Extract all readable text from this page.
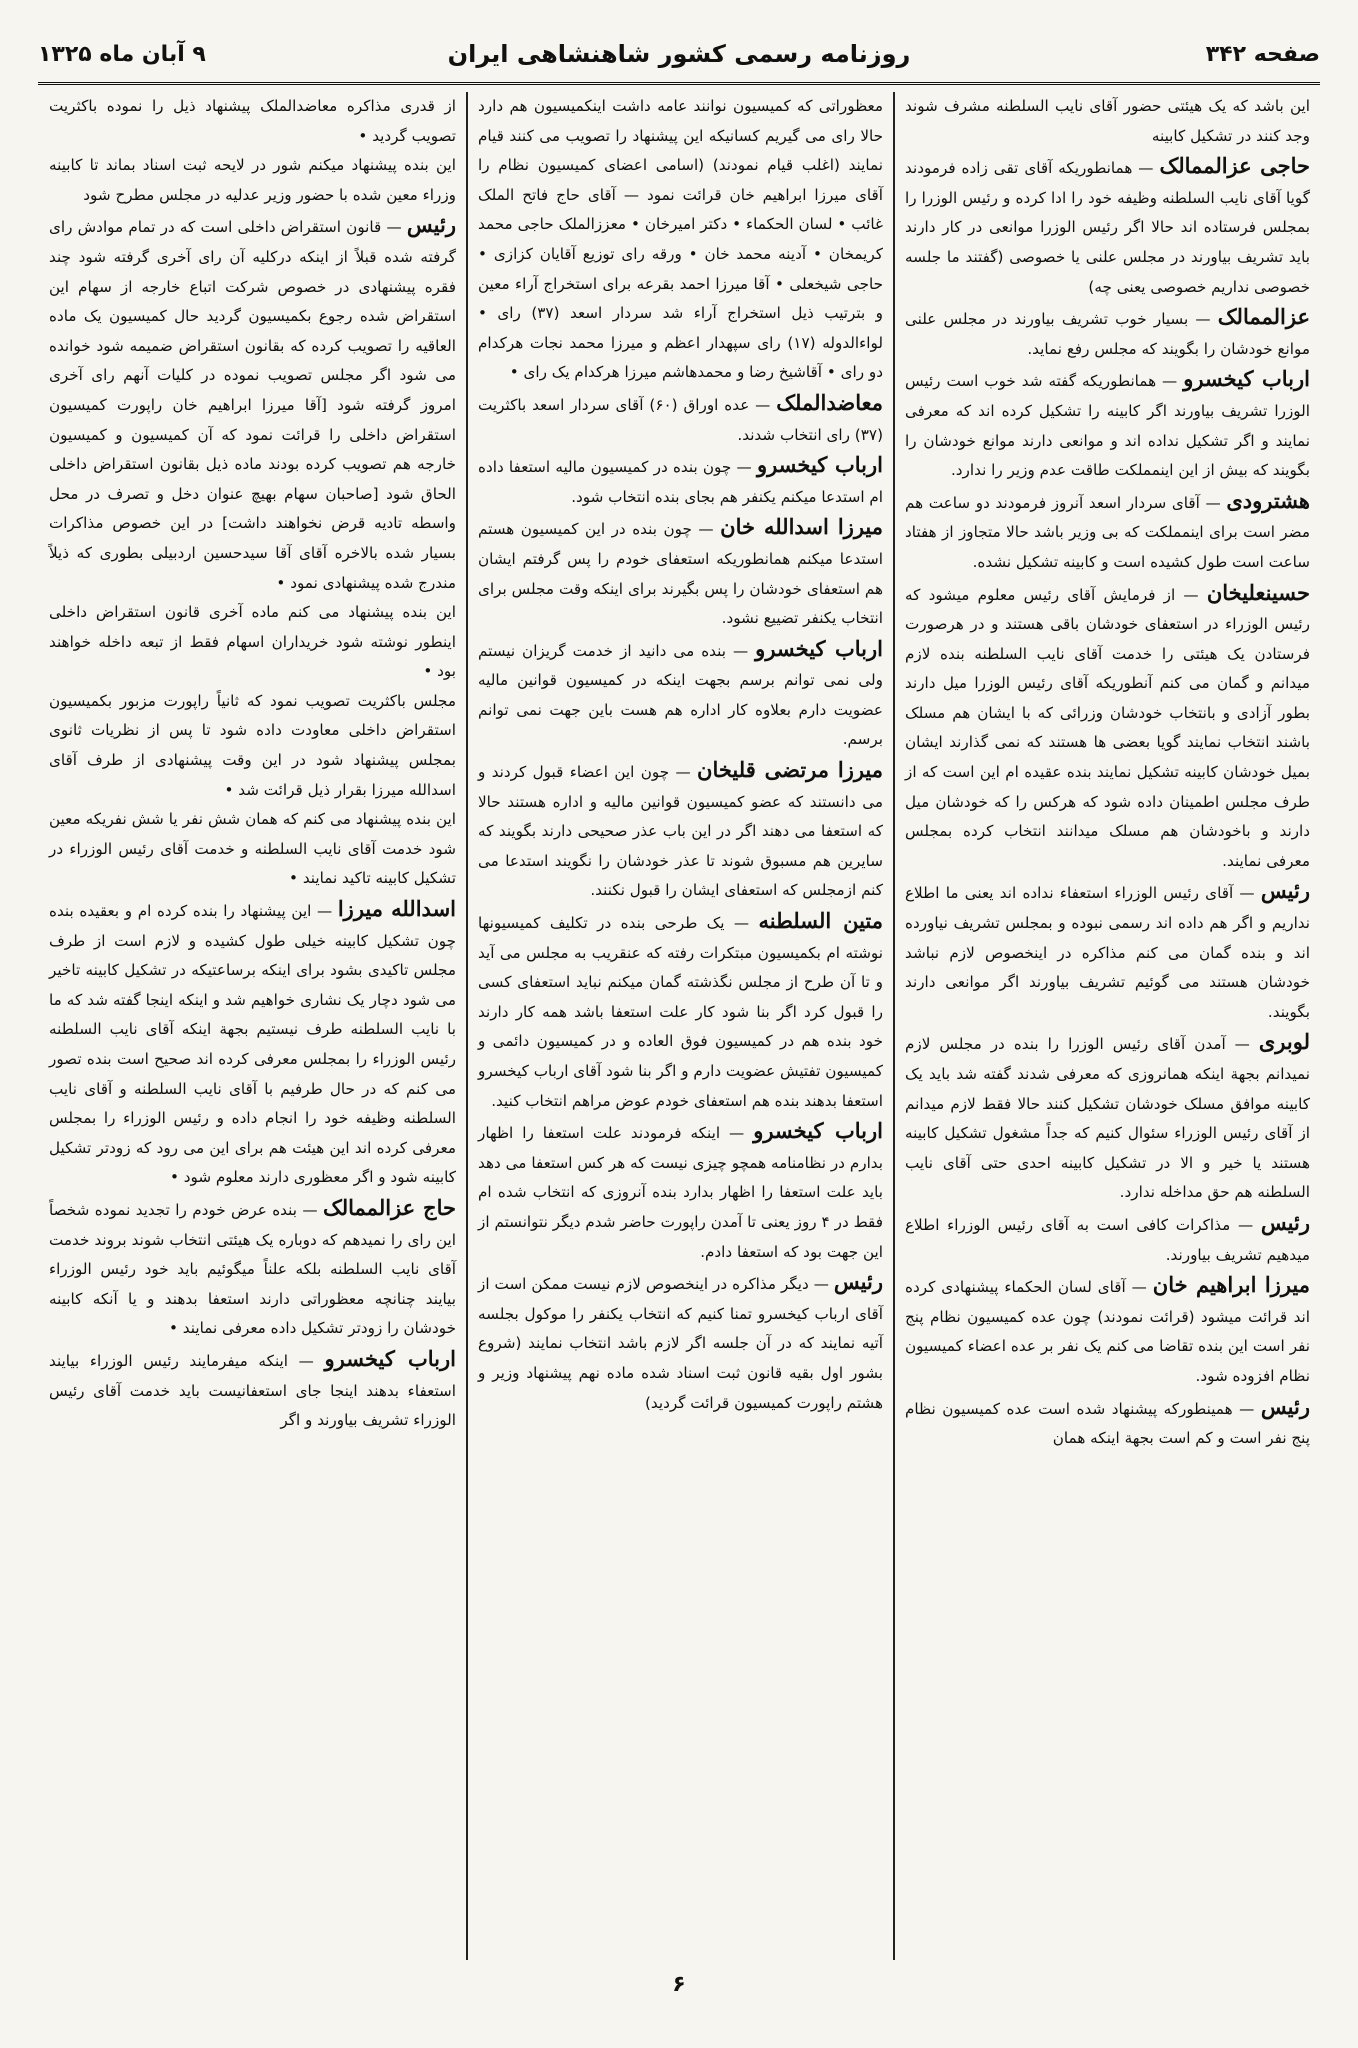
صفحه ۳۴۲
روزنامه رسمی کشور شاهنشاهی ایران
۹ آبان ماه ۱۳۲۵

این باشد که یک هیئتی حضور آقای نایب السلطنه مشرف شوند وجد کنند در تشکیل کابینه

حاجی عزالممالک — همانطوریکه آقای تقی زاده فرمودند گویا آقای نایب السلطنه وظیفه خود را ادا کرده و رئیس الوزرا را بمجلس فرستاده اند حالا اگر رئیس الوزرا موانعی در کار دارند باید تشریف بیاورند در مجلس علنی یا خصوصی (گفتند ما جلسه خصوصی نداریم خصوصی یعنی چه)

عزالممالک — بسیار خوب تشریف بیاورند در مجلس علنی موانع خودشان را بگویند که مجلس رفع نماید.

ارباب کیخسرو — همانطوریکه گفته شد خوب است رئیس الوزرا تشریف بیاورند اگر کابینه را تشکیل کرده اند که معرفی نمایند و اگر تشکیل نداده اند و موانعی دارند موانع خودشان را بگویند که بیش از این اینمملکت طاقت عدم وزیر را ندارد.

هشترودی — آقای سردار اسعد آنروز فرمودند دو ساعت هم مضر است برای اینمملکت که بی وزیر باشد حالا متجاوز از هفتاد ساعت است طول کشیده است و کابینه تشکیل نشده.

حسینعلیخان — از فرمایش آقای رئیس معلوم میشود که رئیس الوزراء در استعفای خودشان باقی هستند و در هرصورت فرستادن یک هیئتی را خدمت آقای نایب السلطنه بنده لازم میدانم و گمان می کنم آنطوریکه آقای رئیس الوزرا میل دارند بطور آزادی و بانتخاب خودشان وزرائی که با ایشان هم مسلک باشند انتخاب نمایند گویا بعضی ها هستند که نمی گذارند ایشان بمیل خودشان کابینه تشکیل نمایند بنده عقیده ام این است که از طرف مجلس اطمینان داده شود که هرکس را که خودشان میل دارند و باخودشان هم مسلک میدانند انتخاب کرده بمجلس معرفی نمایند.

رئیس — آقای رئیس الوزراء استعفاء نداده اند یعنی ما اطلاع نداریم و اگر هم داده اند رسمی نبوده و بمجلس تشریف نیاورده اند و بنده گمان می کنم مذاکره در اینخصوص لازم نباشد خودشان هستند می گوئیم تشریف بیاورند اگر موانعی دارند بگویند.

لوبری — آمدن آقای رئیس الوزرا را بنده در مجلس لازم نمیدانم بجهة اینکه همانروزی که معرفی شدند گفته شد باید یک کابینه موافق مسلک خودشان تشکیل کنند حالا فقط لازم میدانم از آقای رئیس الوزراء سئوال کنیم که جداً مشغول تشکیل کابینه هستند یا خیر و الا در تشکیل کابینه احدی حتی آقای نایب السلطنه هم حق مداخله ندارد.

رئیس — مذاکرات کافی است به آقای رئیس الوزراء اطلاع میدهیم تشریف بیاورند.

میرزا ابراهیم خان — آقای لسان الحکماء پیشنهادی کرده اند قرائت میشود (قرائت نمودند) چون عده کمیسیون نظام پنج نفر است این بنده تقاضا می کنم یک نفر بر عده اعضاء کمیسیون نظام افزوده شود.

رئیس — همینطورکه پیشنهاد شده است عده کمیسیون نظام پنج نفر است و کم است بجهة اینکه همان

معظوراتی که کمیسیون نوانند عامه داشت اینکمیسیون هم دارد حالا رای می گیریم کسانیکه این پیشنهاد را تصویب می کنند قیام نمایند (اغلب قیام نمودند) (اسامی اعضای کمیسیون نظام را آقای میرزا ابراهیم خان قرائت نمود — آقای حاج فاتح الملک غائب • لسان الحکماء • دکتر امیرخان • معززالملک حاجی محمد کریمخان • آدینه محمد خان • ورقه رای توزیع آقایان کزازی • حاجی شیخعلی • آقا میرزا احمد بقرعه برای استخراج آراء معین و بترتیب ذیل استخراج آراء شد سردار اسعد (۳۷) رای • لواءالدوله (۱۷) رای سپهدار اعظم و میرزا محمد نجات هرکدام دو رای • آقاشیخ رضا و محمدهاشم میرزا هرکدام یک رای •

معاضدالملک — عده اوراق (۶۰) آقای سردار اسعد باکثریت (۳۷) رای انتخاب شدند.

ارباب کیخسرو — چون بنده در کمیسیون مالیه استعفا داده ام استدعا میکنم یکنفر هم بجای بنده انتخاب شود.

میرزا اسدالله خان — چون بنده در این کمیسیون هستم استدعا میکنم همانطوریکه استعفای خودم را پس گرفتم ایشان هم استعفای خودشان را پس بگیرند برای اینکه وقت مجلس برای انتخاب یکنفر تضییع نشود.

ارباب کیخسرو — بنده می دانید از خدمت گریزان نیستم ولی نمی توانم برسم بجهت اینکه در کمیسیون قوانین مالیه عضویت دارم بعلاوه کار اداره هم هست باین جهت نمی توانم برسم.

میرزا مرتضی قلیخان — چون این اعضاء قبول کردند و می دانستند که عضو کمیسیون قوانین مالیه و اداره هستند حالا که استعفا می دهند اگر در این باب عذر صحیحی دارند بگویند که سایرین هم مسبوق شوند تا عذر خودشان را نگویند استدعا می کنم ازمجلس که استعفای ایشان را قبول نکنند.

متین السلطنه — یک طرحی بنده در تکلیف کمیسیونها نوشته ام بکمیسیون مبتکرات رفته که عنقریب به مجلس می آید و تا آن طرح از مجلس نگذشته گمان میکنم نباید استعفای کسی را قبول کرد اگر بنا شود کار علت استعفا باشد همه کار دارند خود بنده هم در کمیسیون فوق العاده و در کمیسیون دائمی و کمیسیون تفتیش عضویت دارم و اگر بنا شود آقای ارباب کیخسرو استعفا بدهند بنده هم استعفای خودم عوض مراهم انتخاب کنید.

ارباب کیخسرو — اینکه فرمودند علت استعفا را اظهار بدارم در نظامنامه همچو چیزی نیست که هر کس استعفا می دهد باید علت استعفا را اظهار بدارد بنده آنروزی که انتخاب شده ام فقط در ۴ روز یعنی تا آمدن راپورت حاضر شدم دیگر نتوانستم از این جهت بود که استعفا دادم.

رئیس — دیگر مذاکره در اینخصوص لازم نیست ممکن است از آقای ارباب کیخسرو تمنا کنیم که انتخاب یکنفر را موکول بجلسه آتیه نمایند که در آن جلسه اگر لازم باشد انتخاب نمایند (شروع بشور اول بقیه قانون ثبت اسناد شده ماده نهم پیشنهاد وزیر و هشتم راپورت کمیسیون قرائت گردید)

از قدری مذاکره معاضدالملک پیشنهاد ذیل را نموده باکثریت تصویب گردید •

این بنده پیشنهاد میکنم شور در لایحه ثبت اسناد بماند تا کابینه وزراء معین شده با حضور وزیر عدلیه در مجلس مطرح شود

رئیس — قانون استقراض داخلی است که در تمام موادش رای گرفته شده قبلاً از اینکه درکلیه آن رای آخری گرفته شود چند فقره پیشنهادی در خصوص شرکت اتباع خارجه از سهام این استقراض شده رجوع بکمیسیون گردید حال کمیسیون یک ماده العاقیه را تصویب کرده که بقانون استقراض ضمیمه شود خوانده می شود اگر مجلس تصویب نموده در کلیات آنهم رای آخری امروز گرفته شود [آقا میرزا ابراهیم خان راپورت کمیسیون استقراض داخلی را قرائت نمود که آن کمیسیون و کمیسیون خارجه هم تصویب کرده بودند ماده ذیل بقانون استقراض داخلی الحاق شود [صاحبان سهام بهیچ عنوان دخل و تصرف در محل واسطه تادیه قرض نخواهند داشت] در این خصوص مذاکرات بسیار شده بالاخره آقای آقا سیدحسین اردبیلی بطوری که ذیلاً مندرج شده پیشنهادی نمود •

این بنده پیشنهاد می کنم ماده آخری قانون استقراض داخلی اینطور نوشته شود خریداران اسهام فقط از تبعه داخله خواهند بود •

مجلس باکثریت تصویب نمود که ثانیاً راپورت مزبور بکمیسیون استقراض داخلی معاودت داده شود تا پس از نظریات ثانوی بمجلس پیشنهاد شود در این وقت پیشنهادی از طرف آقای اسدالله میرزا بقرار ذیل قرائت شد •

این بنده پیشنهاد می کنم که همان شش نفر یا شش نفریکه معین شود خدمت آقای نایب السلطنه و خدمت آقای رئیس الوزراء در تشکیل کابینه تاکید نمایند •

اسدالله میرزا — این پیشنهاد را بنده کرده ام و بعقیده بنده چون تشکیل کابینه خیلی طول کشیده و لازم است از طرف مجلس تاکیدی بشود برای اینکه برساعتیکه در تشکیل کابینه تاخیر می شود دچار یک نشاری خواهیم شد و اینکه اینجا گفته شد که ما با نایب السلطنه طرف نیستیم بجهة اینکه آقای نایب السلطنه رئیس الوزراء را بمجلس معرفی کرده اند صحیح است بنده تصور می کنم که در حال طرفیم با آقای نایب السلطنه و آقای نایب السلطنه وظیفه خود را انجام داده و رئیس الوزراء را بمجلس معرفی کرده اند این هیئت هم برای این می رود که زودتر تشکیل کابینه شود و اگر معظوری دارند معلوم شود •

حاج عزالممالک — بنده عرض خودم را تجدید نموده شخصاً این رای را نمیدهم که دوباره یک هیئتی انتخاب شوند بروند خدمت آقای نایب السلطنه بلکه علناً میگوئیم باید خود رئیس الوزراء بیایند چنانچه معظوراتی دارند استعفا بدهند و یا آنکه کابینه خودشان را زودتر تشکیل داده معرفی نمایند •

ارباب کیخسرو — اینکه میفرمایند رئیس الوزراء بیایند استعفاء بدهند اینجا جای استعفانیست باید خدمت آقای رئیس الوزراء تشریف بیاورند و اگر

۶
